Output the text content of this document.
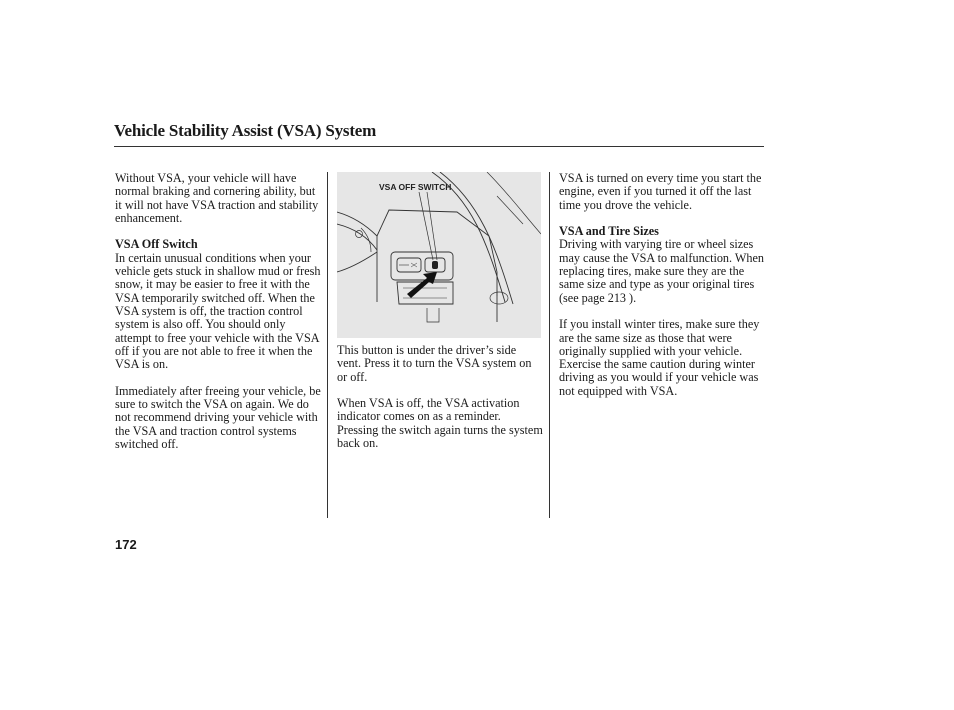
Vehicle Stability Assist (VSA) System

Without VSA, your vehicle will have normal braking and cornering ability, but it will not have VSA traction and stability enhancement.

VSA Off Switch

In certain unusual conditions when your vehicle gets stuck in shallow mud or fresh snow, it may be easier to free it with the VSA temporarily switched off. When the VSA system is off, the traction control system is also off. You should only attempt to free your vehicle with the VSA off if you are not able to free it when the VSA is on.

Immediately after freeing your vehicle, be sure to switch the VSA on again. We do not recommend driving your vehicle with the VSA and traction control systems switched off.

VSA OFF SWITCH

This button is under the driver’s side vent. Press it to turn the VSA system on or off.

When VSA is off, the VSA activation indicator comes on as a reminder. Pressing the switch again turns the system back on.

VSA is turned on every time you start the engine, even if you turned it off the last time you drove the vehicle.

VSA and Tire Sizes

Driving with varying tire or wheel sizes may cause the VSA to malfunction. When replacing tires, make sure they are the same size and type as your original tires (see page 213 ).

If you install winter tires, make sure they are the same size as those that were originally supplied with your vehicle. Exercise the same caution during winter driving as you would if your vehicle was not equipped with VSA.

172
